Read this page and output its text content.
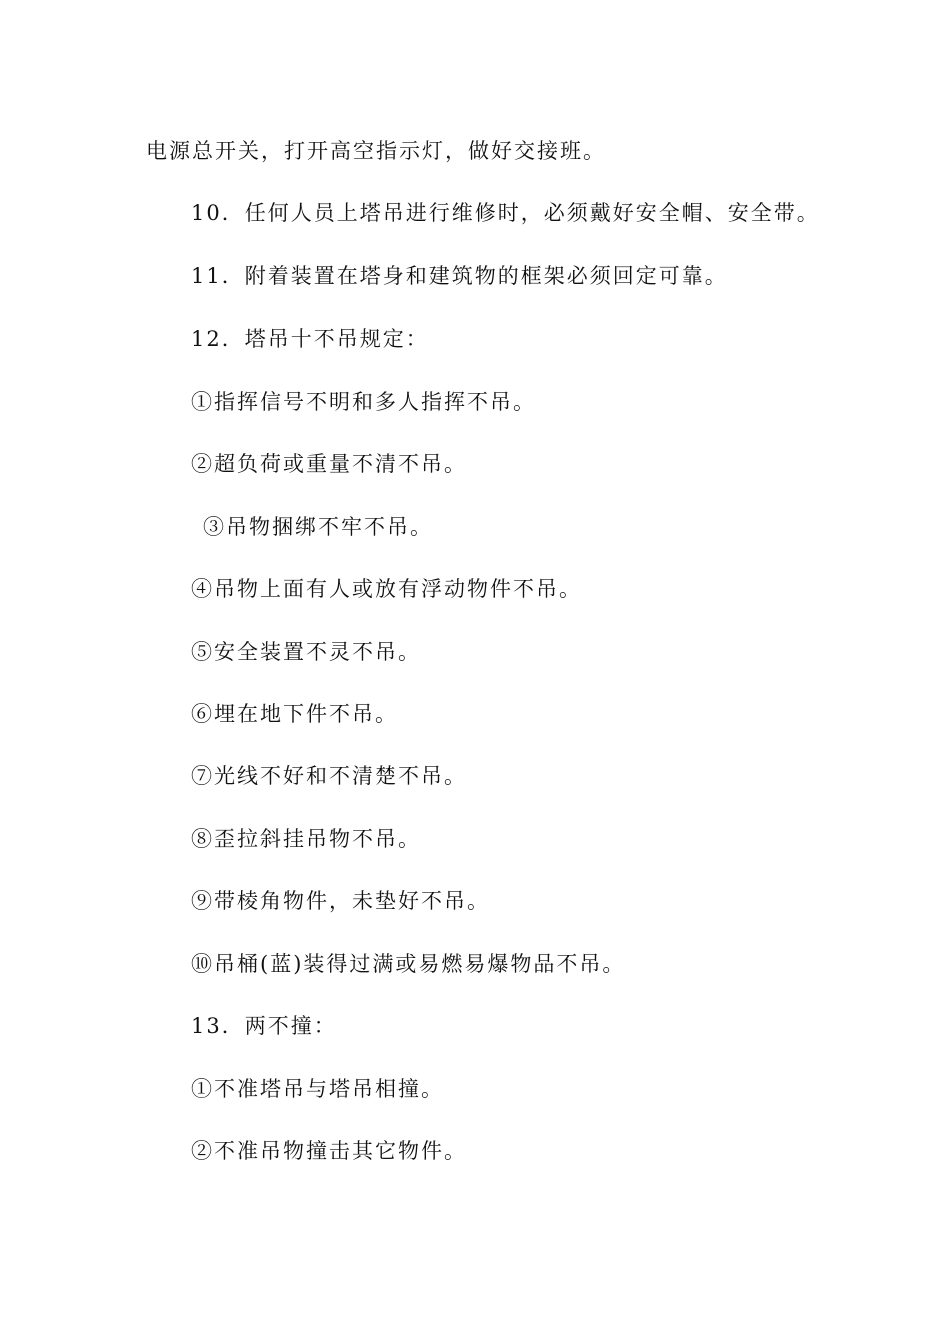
电源总开关，打开高空指示灯，做好交接班。
10．任何人员上塔吊进行维修时，必须戴好安全帽、安全带。
11．附着装置在塔身和建筑物的框架必须回定可靠。
12．塔吊十不吊规定：
①指挥信号不明和多人指挥不吊。
②超负荷或重量不清不吊。
③吊物捆绑不牢不吊。
④吊物上面有人或放有浮动物件不吊。
⑤安全装置不灵不吊。
⑥埋在地下件不吊。
⑦光线不好和不清楚不吊。
⑧歪拉斜挂吊物不吊。
⑨带棱角物件，未垫好不吊。
⑩吊桶(蓝)装得过满或易燃易爆物品不吊。
13．两不撞：
①不准塔吊与塔吊相撞。
②不准吊物撞击其它物件。
